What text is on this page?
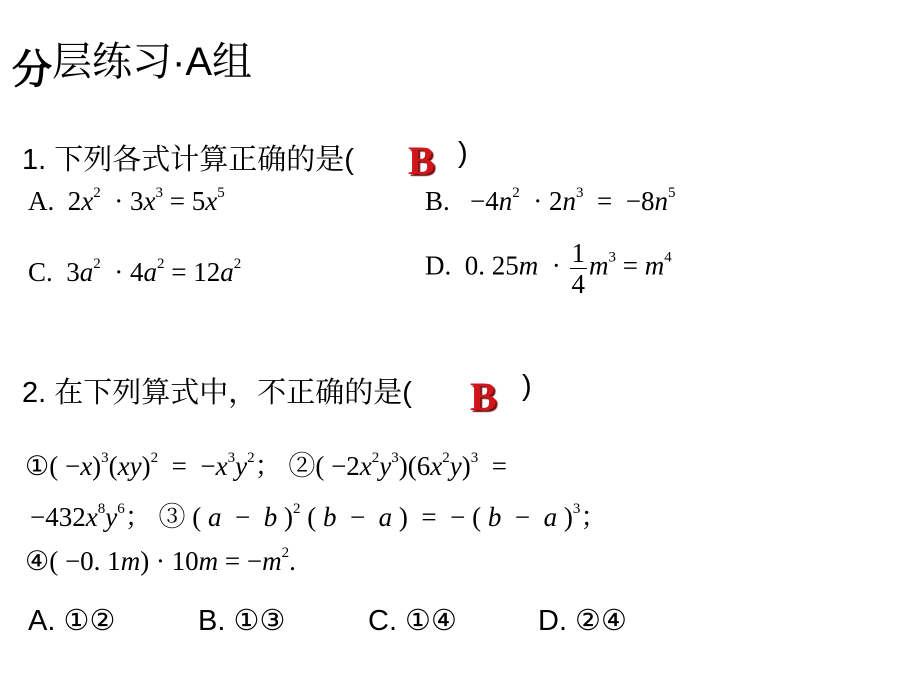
分层练习·A组
1. 下列各式计算正确的是( B )
A.  $2x^2 \cdot 3x^3 = 5x^5$	B.   $-4n^2 \cdot 2n^3 = -8n^5$
C.  $3a^2 \cdot 4a^2 = 12a^2$	D.  0. $25m \cdot \frac{1}{4} m^3 = m^4$
2. 在下列算式中，不正确的是( B )
①( $-x)^3(xy)^2 = -x^3y^2$； ②( $-2x^2y^3)(6x^2y)^3$  =
$-432x^8y^6$； ③ ( a  −  b )$^2$ ( b  −  a )  =  − ( b  −  a )$^3$；
④( −0. $1m) \cdot 10m = -m^2$.
A. ①②	B. ①③	C. ①④	D. ②④
